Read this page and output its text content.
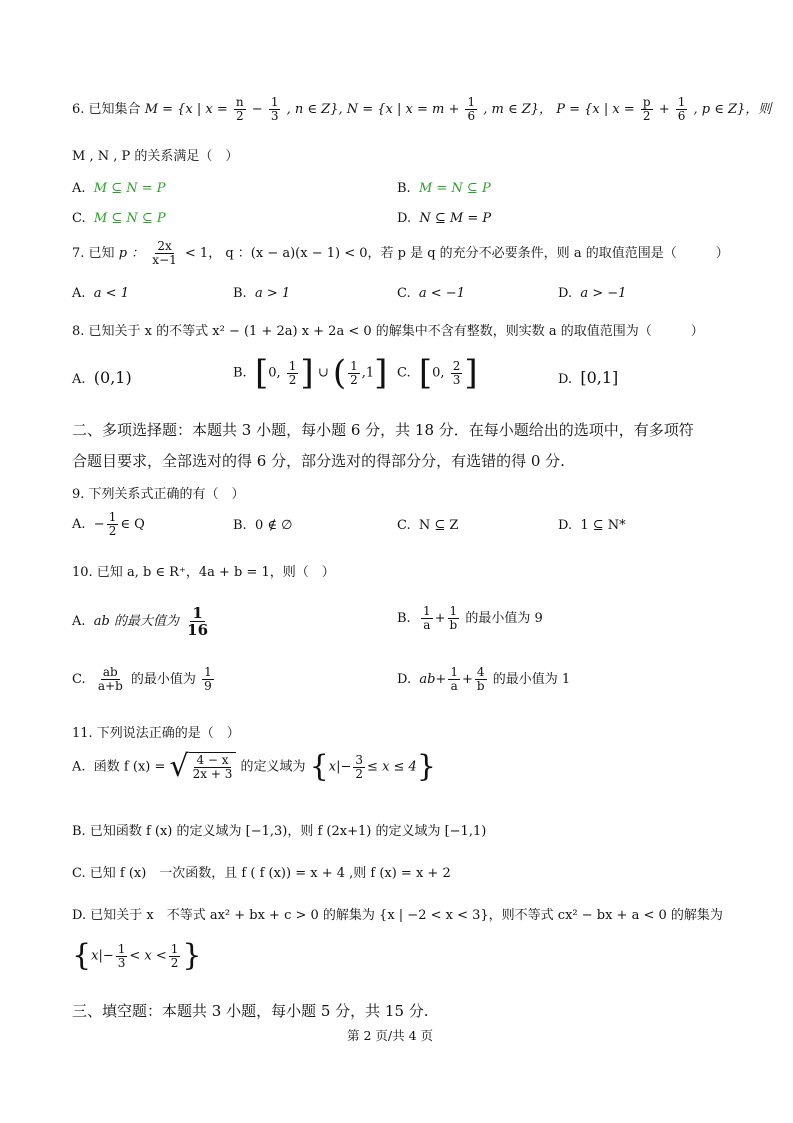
6. 已知集合 M = {x | $x = \frac{n}{2} - \frac{1}{3}$ , n ∈ Z}, N = {x | $x = m + \frac{1}{6}$ , m ∈ Z}， P = {x | $x = \frac{p}{2} + \frac{1}{6}$ , p ∈ Z}，则
M , N , P 的关系满足（　）
A. M ⊆ N = P	B. M = N ⊆ P
C. M ⊆ N ⊆ P	D. N ⊆ M = P
7. 已知 p ： $\frac{2x}{x-1} < 1$， q ：(x − a)(x − 1) < 0，若 p 是 q 的充分不必要条件，则 a 的取值范围是（　　　）
A. a < 1	B. a > 1	C. a < −1	D. a > −1
8. 已知关于 x 的不等式 x² − (1 + 2a) x + 2a < 0 的解集中不含有整数，则实数 a 的取值范围为（　　　）
A. (0,1)	B. [0, $\frac{1}{2}$ ] ∪ ( $\frac{1}{2} ,1$] C. [0, $\frac{2}{3}$ ]	D. [0,1]
二、多项选择题：本题共 3 小题，每小题 6 分，共 18 分．在每小题给出的选项中，有多项符
合题目要求，全部选对的得 6 分，部分选对的得部分分，有选错的得 0 分.
9. 下列关系式正确的有（　）
A. − $\frac{1}{2}$ ∈ Q	B. 0 ∉ ∅	C. N ⊆ Z	D. 1 ⊆ N*
10. 已知 a, b ∈ R⁺，4a + b = 1，则（　）
A. ab 的最大值为 $\frac{1}{16}$	B. $\frac{1}{a} + \frac{1}{b}$ 的最小值为 9
C. $\frac{ab}{a+b}$ 的最小值为 $\frac{1}{9}$	D. $ab+ \frac{1}{a} + \frac{4}{b}$ 的最小值为 1
11. 下列说法正确的是（　）
A. 函数 f (x) = √ $\frac{4 - x}{2x + 3}$ 的定义域为 $\{x|- \frac{3}{2} \le x \le 4\}$
B. 已知函数 f (x) 的定义域为 [−1,3)，则 f (2x+1) 的定义域为 [−1,1)
C. 已知 f (x)　一次函数，且 f ( f (x)) = x + 4 ,则 f (x) = x + 2
D. 已知关于 x　不等式 ax² + bx + c > 0 的解集为 {x | −2 < x < 3}，则不等式 cx² − bx + a < 0 的解集为
{$x|- \frac{1}{3} < x < \frac{1}{2}$ }
三、填空题：本题共 3 小题，每小题 5 分，共 15 分.
第 2 页/共 4 页
